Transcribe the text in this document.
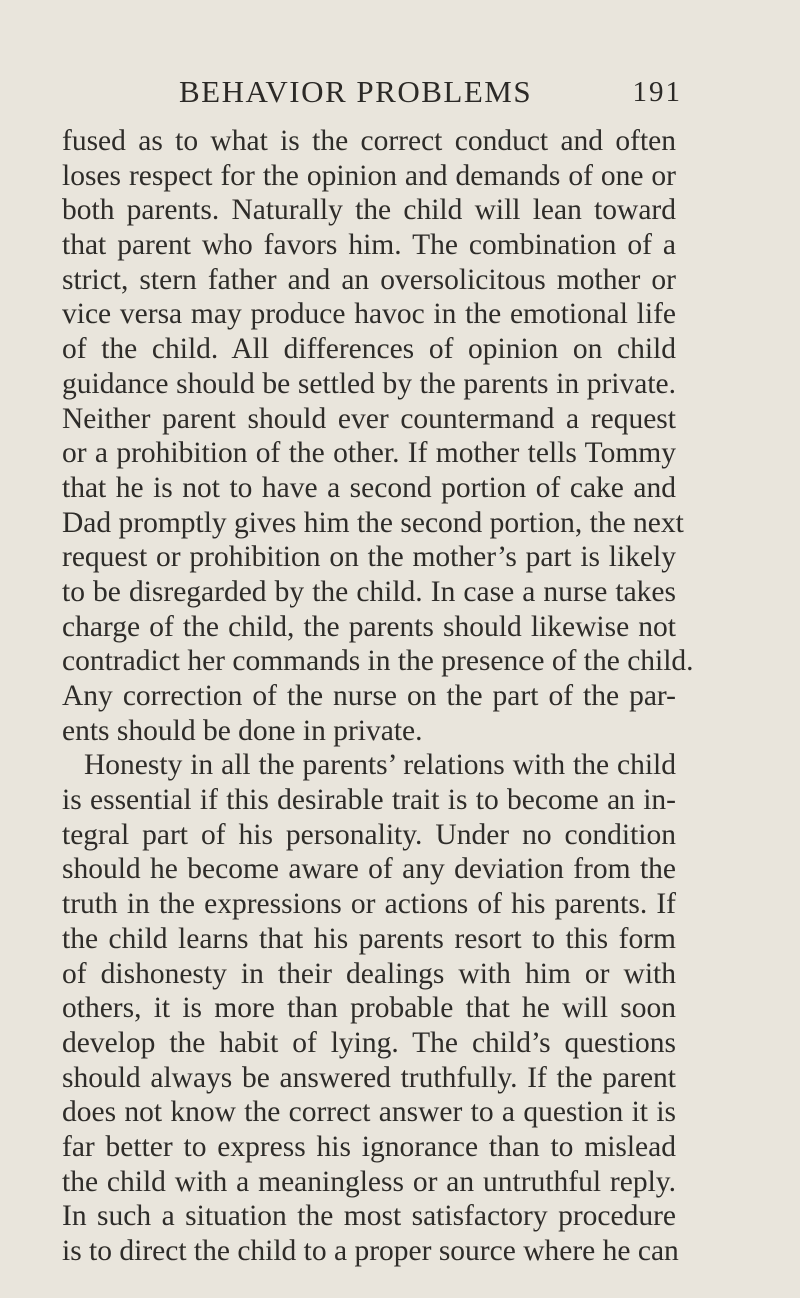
BEHAVIOR PROBLEMS	191
fused as to what is the correct conduct and often
loses respect for the opinion and demands of one or
both parents. Naturally the child will lean toward
that parent who favors him. The combination of a
strict, stern father and an oversolicitous mother or
vice versa may produce havoc in the emotional life
of the child. All differences of opinion on child
guidance should be settled by the parents in private.
Neither parent should ever countermand a request
or a prohibition of the other. If mother tells Tommy
that he is not to have a second portion of cake and
Dad promptly gives him the second portion, the next
request or prohibition on the mother’s part is likely
to be disregarded by the child. In case a nurse takes
charge of the child, the parents should likewise not
contradict her commands in the presence of the child.
Any correction of the nurse on the part of the par-
ents should be done in private.
Honesty in all the parents’ relations with the child
is essential if this desirable trait is to become an in-
tegral part of his personality. Under no condition
should he become aware of any deviation from the
truth in the expressions or actions of his parents. If
the child learns that his parents resort to this form
of dishonesty in their dealings with him or with
others, it is more than probable that he will soon
develop the habit of lying. The child’s questions
should always be answered truthfully. If the parent
does not know the correct answer to a question it is
far better to express his ignorance than to mislead
the child with a meaningless or an untruthful reply.
In such a situation the most satisfactory procedure
is to direct the child to a proper source where he can
